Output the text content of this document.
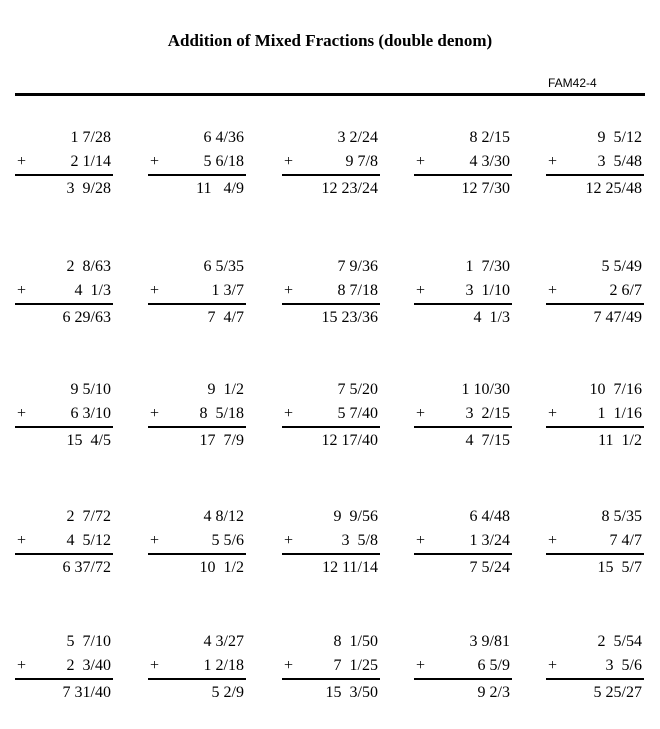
Addition of Mixed Fractions (double denom)
FAM42-4
1 7/28
+	2 1/14
3  9/28
6 4/36
+	5 6/18
11   4/9
3 2/24
+	9 7/8
12 23/24
8 2/15
+	4 3/30
12 7/30
9  5/12
+	3  5/48
12 25/48
2  8/63
+	4  1/3
6 29/63
6 5/35
+	1 3/7
7  4/7
7 9/36
+	8 7/18
15 23/36
1  7/30
+	3  1/10
4  1/3
5 5/49
+	2 6/7
7 47/49
9 5/10
+	6 3/10
15  4/5
9  1/2
+	8  5/18
17  7/9
7 5/20
+	5 7/40
12 17/40
1 10/30
+	3  2/15
4  7/15
10  7/16
+	1  1/16
11  1/2
2  7/72
+	4  5/12
6 37/72
4 8/12
+	5 5/6
10  1/2
9  9/56
+	3  5/8
12 11/14
6 4/48
+	1 3/24
7 5/24
8 5/35
+	7 4/7
15  5/7
5  7/10
+	2  3/40
7 31/40
4 3/27
+	1 2/18
5 2/9
8  1/50
+	7  1/25
15  3/50
3 9/81
+	6 5/9
9 2/3
2  5/54
+	3  5/6
5 25/27
